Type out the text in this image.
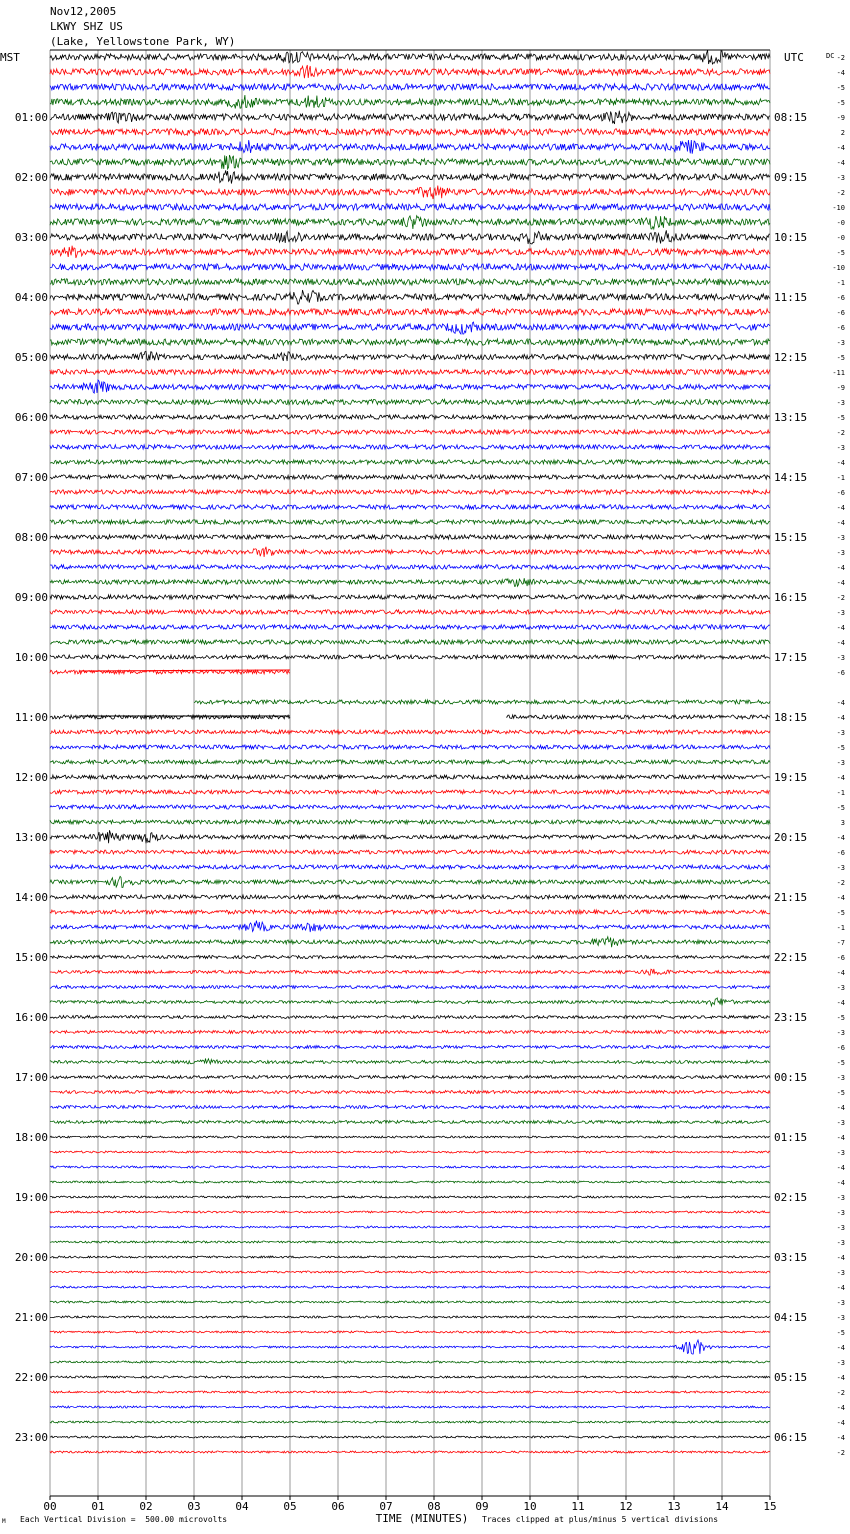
-2
-4
-5
-5
-9
2
-4
-4
-3
-2
-10
-0
-0
-5
-10
-1
-6
-6
-6
-3
-5
-11
-9
-3
-5
-2
-3
-4
-1
-6
-4
-4
-3
-3
-4
-4
-2
-3
-4
-4
-3
-6
-4
-4
-3
-5
-3
-4
-1
-5
3
-4
-6
-3
-2
-4
-5
-1
-7
-6
-4
-3
-4
-5
-3
-6
-5
-3
-5
-4
-3
-4
-3
-4
-4
-3
-3
-3
-3
-4
-3
-4
-3
-3
-5
-4
-3
-4
-2
-4
-4
-4
-2
MST	UTC	DC
01:00	08:15
02:00	09:15
03:00	10:15
04:00	11:15
05:00	12:15
06:00	13:15
07:00	14:15
08:00	15:15
09:00	16:15
10:00	17:15
11:00	18:15
12:00	19:15
13:00	20:15
14:00	21:15
15:00	22:15
16:00	23:15
17:00	00:15
18:00	01:15
19:00	02:15
20:00	03:15
21:00	04:15
22:00	05:15
23:00	06:15
00	01	02	03	04	05	06	07	08	09	10	11	12	13	14	15
TIME (MINUTES)
Nov12,2005
LKWY SHZ US
(Lake, Yellowstone Park, WY)
Each Vertical Division =  500.00 microvolts	Traces clipped at plus/minus 5 vertical divisions
M
